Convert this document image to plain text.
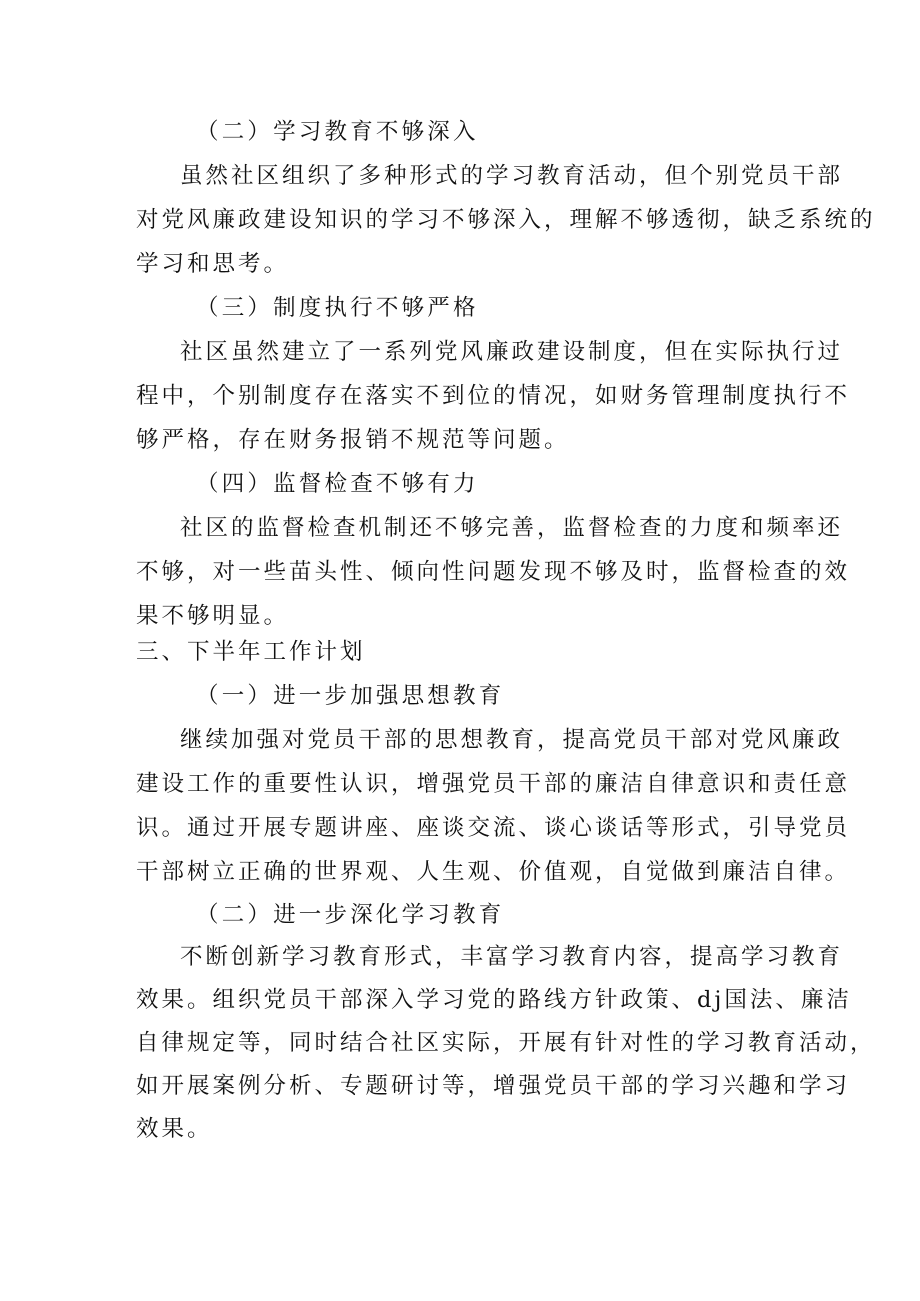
（二）学习教育不够深入
虽然社区组织了多种形式的学习教育活动，但个别党员干部
对党风廉政建设知识的学习不够深入，理解不够透彻，缺乏系统的
学习和思考。
（三）制度执行不够严格
社区虽然建立了一系列党风廉政建设制度，但在实际执行过
程中，个别制度存在落实不到位的情况，如财务管理制度执行不
够严格，存在财务报销不规范等问题。
（四）监督检查不够有力
社区的监督检查机制还不够完善，监督检查的力度和频率还
不够，对一些苗头性、倾向性问题发现不够及时，监督检查的效
果不够明显。
三、下半年工作计划
（一）进一步加强思想教育
继续加强对党员干部的思想教育，提高党员干部对党风廉政
建设工作的重要性认识，增强党员干部的廉洁自律意识和责任意
识。通过开展专题讲座、座谈交流、谈心谈话等形式，引导党员
干部树立正确的世界观、人生观、价值观，自觉做到廉洁自律。
（二）进一步深化学习教育
不断创新学习教育形式，丰富学习教育内容，提高学习教育
效果。组织党员干部深入学习党的路线方针政策、dj国法、廉洁
自律规定等，同时结合社区实际，开展有针对性的学习教育活动，
如开展案例分析、专题研讨等，增强党员干部的学习兴趣和学习
效果。
